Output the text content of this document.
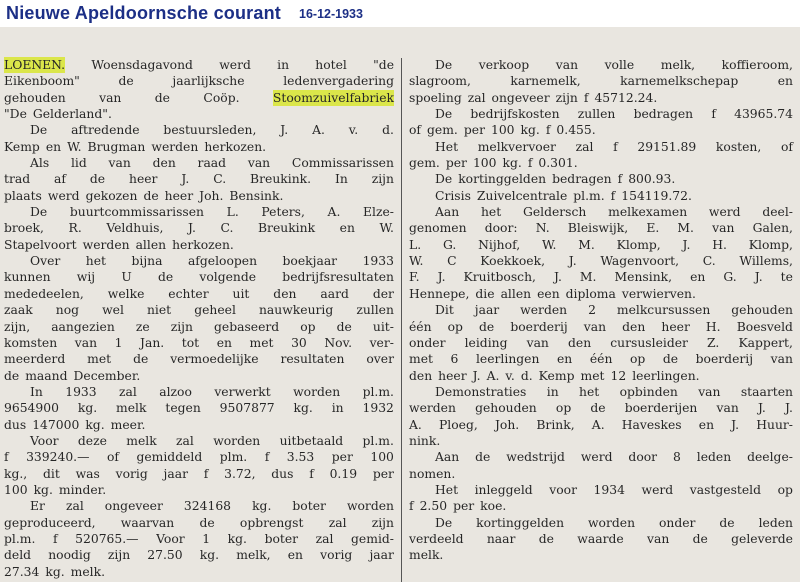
Nieuwe Apeldoornsche courant 16-12-1933
LOENEN. Woensdagavond werd in hotel "de
Eikenboom"	de	jaarlijksche	ledenvergadering
gehouden	van	de	Coöp.	Stoomzuivelfabriek
"De Gelderland".
De aftredende bestuursleden, J. A. v. d.
Kemp en W. Brugman werden herkozen.
Als lid van den raad van Commissarissen
trad af de heer J. C. Breukink. In zijn
plaats werd gekozen de heer Joh. Bensink.
De buurtcommissarissen L. Peters, A. Elze-
broek, R. Veldhuis, J. C. Breukink en W.
Stapelvoort werden allen herkozen.
Over het bijna afgeloopen boekjaar 1933
kunnen wij U de volgende bedrijfsresultaten
mededeelen, welke echter uit den aard der
zaak nog wel niet geheel nauwkeurig zullen
zijn, aangezien ze zijn gebaseerd op de uit-
komsten van 1 Jan. tot en met 30 Nov. ver-
meerderd met de vermoedelijke resultaten over
de maand December.
In 1933 zal alzoo verwerkt worden pl.m.
9654900 kg. melk tegen 9507877 kg. in 1932
dus 147000 kg. meer.
Voor deze melk zal worden uitbetaald pl.m.
f 339240.— of gemiddeld plm. f 3.53 per 100
kg., dit was vorig jaar f 3.72, dus f 0.19 per
100 kg. minder.
Er zal ongeveer 324168 kg. boter worden
geproduceerd, waarvan de opbrengst zal zijn
pl.m. f 520765.— Voor 1 kg. boter zal gemid-
deld noodig zijn 27.50 kg. melk, en vorig jaar
27.34 kg. melk.
De verkoop van volle melk, koffieroom,
slagroom,	karnemelk,	karnemelkschepap	en
spoeling zal ongeveer zijn f 45712.24.
De bedrijfskosten zullen bedragen f 43965.74
of gem. per 100 kg. f 0.455.
Het melkvervoer zal f 29151.89 kosten, of
gem. per 100 kg. f 0.301.
De kortinggelden bedragen f 800.93.
Crisis Zuivelcentrale pl.m. f 154119.72.
Aan het Geldersch melkexamen werd deel-
genomen door: N. Bleiswijk, E. M. van Galen,
L. G. Nijhof, W. M. Klomp, J. H. Klomp,
W. C Koekkoek, J. Wagenvoort, C. Willems,
F. J. Kruitbosch, J. M. Mensink, en G. J. te
Hennepe, die allen een diploma verwierven.
Dit jaar werden 2 melkcursussen gehouden
één op de boerderij van den heer H. Boesveld
onder leiding van den cursusleider Z. Kappert,
met 6 leerlingen en één op de boerderij van
den heer J. A. v. d. Kemp met 12 leerlingen.
Demonstraties in het opbinden van staarten
werden gehouden op de boerderijen van J. J.
A. Ploeg, Joh. Brink, A. Haveskes en J. Huur-
nink.
Aan de wedstrijd werd door 8 leden deelge-
nomen.
Het inleggeld voor 1934 werd vastgesteld op
f 2.50 per koe.
De kortinggelden worden onder de leden
verdeeld naar de waarde van de geleverde
melk.
